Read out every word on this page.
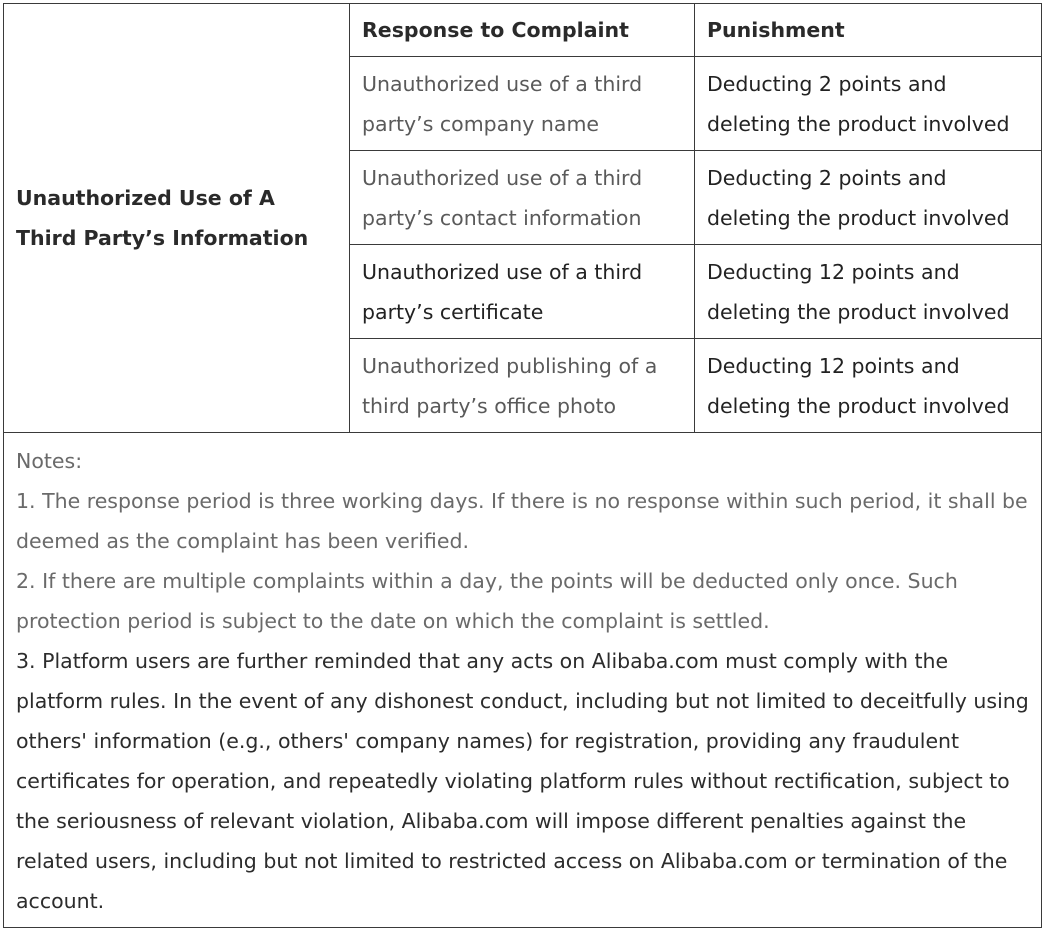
Unauthorized Use of A Third Party’s Information	Response to Complaint	Punishment
	Unauthorized use of a third party’s company name	Deducting 2 points and deleting the product involved
	Unauthorized use of a third party’s contact information	Deducting 2 points and deleting the product involved
	Unauthorized use of a third party’s certificate	Deducting 12 points and deleting the product involved
	Unauthorized publishing of a third party’s office photo	Deducting 12 points and deleting the product involved

Notes:
1. The response period is three working days. If there is no response within such period, it shall be deemed as the complaint has been verified.
2. If there are multiple complaints within a day, the points will be deducted only once. Such protection period is subject to the date on which the complaint is settled.
3. Platform users are further reminded that any acts on Alibaba.com must comply with the platform rules. In the event of any dishonest conduct, including but not limited to deceitfully using others' information (e.g., others' company names) for registration, providing any fraudulent certificates for operation, and repeatedly violating platform rules without rectification, subject to the seriousness of relevant violation, Alibaba.com will impose different penalties against the related users, including but not limited to restricted access on Alibaba.com or termination of the account.		
